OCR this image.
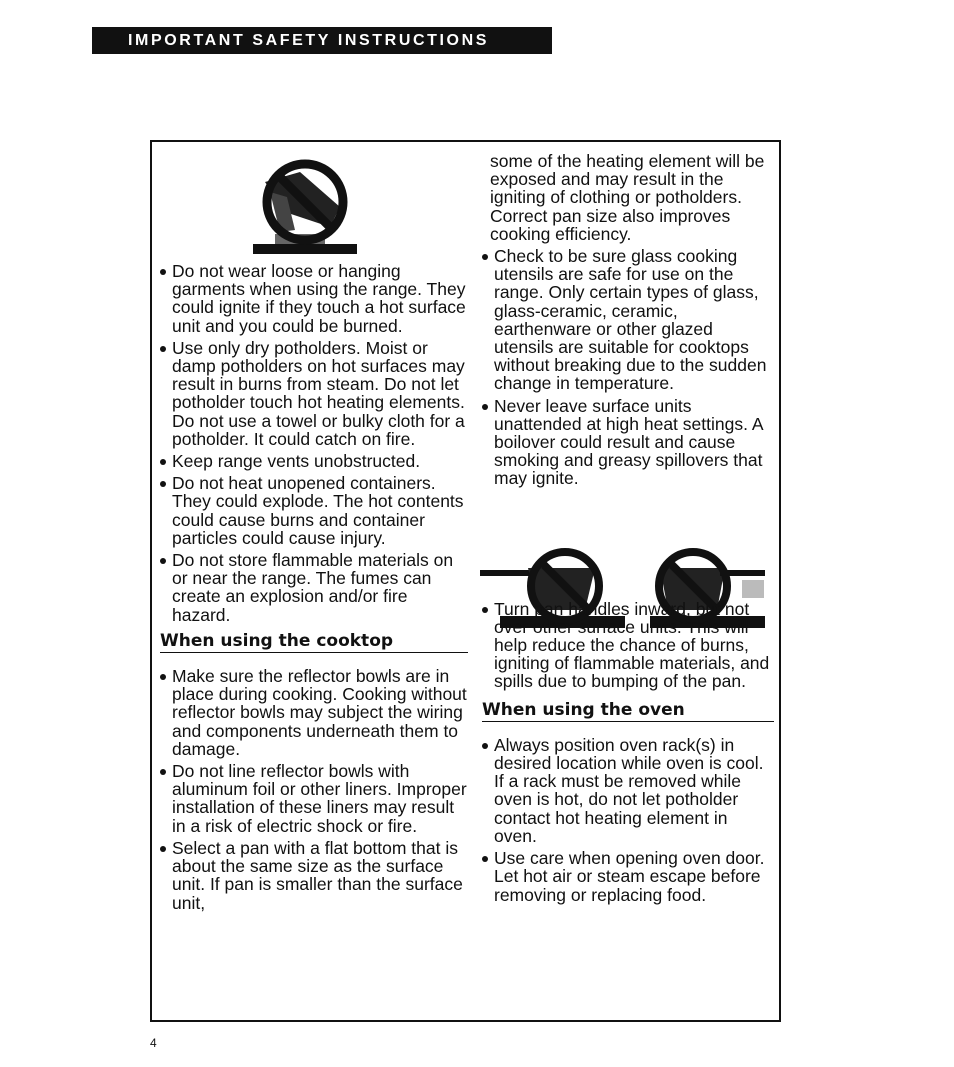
IMPORTANT SAFETY INSTRUCTIONS
Do not wear loose or hanging garments when using the range. They could ignite if they touch a hot surface unit and you could be burned.
Use only dry potholders. Moist or damp potholders on hot surfaces may result in burns from steam. Do not let potholder touch hot heating elements. Do not use a towel or bulky cloth for a potholder. It could catch on fire.
Keep range vents unobstructed.
Do not heat unopened containers. They could explode. The hot contents could cause burns and container particles could cause injury.
Do not store flammable materials on or near the range. The fumes can create an explosion and/or fire hazard.
When using the cooktop
Make sure the reflector bowls are in place during cooking. Cooking without reflector bowls may subject the wiring and components underneath them to damage.
Do not line reflector bowls with aluminum foil or other liners. Improper installation of these liners may result in a risk of electric shock or fire.
Select a pan with a flat bottom that is about the same size as the surface unit. If pan is smaller than the surface unit,
some of the heating element will be exposed and may result in the igniting of clothing or potholders. Correct pan size also improves cooking efficiency.
Check to be sure glass cooking utensils are safe for use on the range. Only certain types of glass, glass-ceramic, ceramic, earthenware or other glazed utensils are suitable for cooktops without breaking due to the sudden change in temperature.
Never leave surface units unattended at high heat settings. A boilover could result and cause smoking and greasy spillovers that may ignite.
Turn pan handles inward, but not over other surface units. This will help reduce the chance of burns, igniting of flammable materials, and spills due to bumping of the pan.
When using the oven
Always position oven rack(s) in desired location while oven is cool. If a rack must be removed while oven is hot, do not let potholder contact hot heating element in oven.
Use care when opening oven door. Let hot air or steam escape before removing or replacing food.
4
